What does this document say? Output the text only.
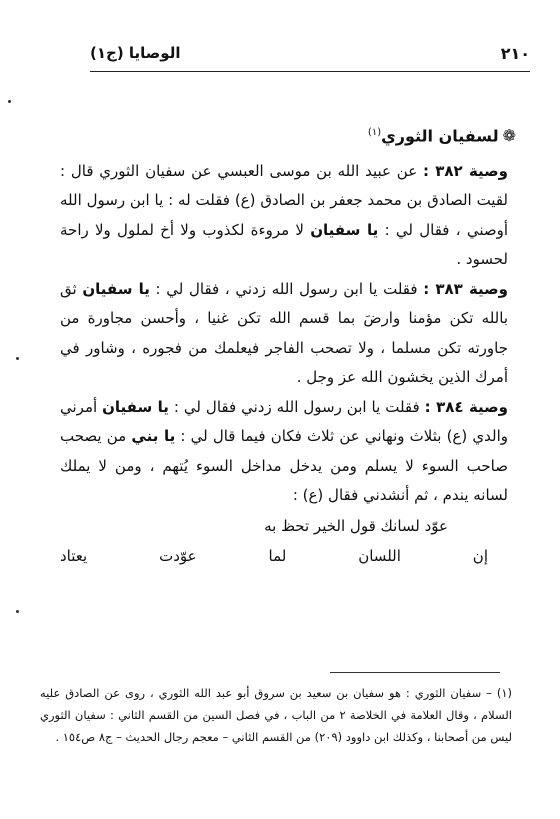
٢١٠
الوصايا (ج١)
❁لسفيان الثوري$^{(١)}$
وصية ٣٨٢ : عن عبيد الله بن موسى العبسي عن سفيان الثوري قال : لقيت الصادق بن محمد جعفر بن الصادق (ع) فقلت له : يا ابن رسول الله أوصني ، فقال لي : يا سفيان لا مروءة لكذوب ولا أخ لملول ولا راحة لحسود .
وصية ٣٨٣ : فقلت يا ابن رسول الله زدني ، فقال لي : يا سفيان ثق بالله تكن مؤمنا وارضَ بما قسم الله تكن غنيا ، وأحسن مجاورة من جاورته تكن مسلما ، ولا تصحب الفاجر فيعلمك من فجوره ، وشاور في أمرك الذين يخشون الله عز وجل .
وصية ٣٨٤ : فقلت يا ابن رسول الله زدني فقال لي : يا سفيان أمرني والدي (ع) بثلاث ونهاني عن ثلاث فكان فيما قال لي : يا بني من يصحب صاحب السوء لا يسلم ومن يدخل مداخل السوء يُتهم ، ومن لا يملك لسانه يندم ، ثم أنشدني فقال (ع) :
عوّد لسانك قول الخير تحظ به
إن اللسان لما عوّدت يعتاد
(١) – سفيان الثوري : هو سفيان بن سعيد بن سروق أبو عبد الله الثوري ، روى عن الصادق عليه السلام ، وقال العلامة في الخلاصة ٢ من الباب ، في فصل السين من القسم الثاني : سفيان الثوري ليس من أصحابنا ، وكذلك ابن داوود (٢٠٩) من القسم الثاني – معجم رجال الحديث – ج٨ ص١٥٤ .
